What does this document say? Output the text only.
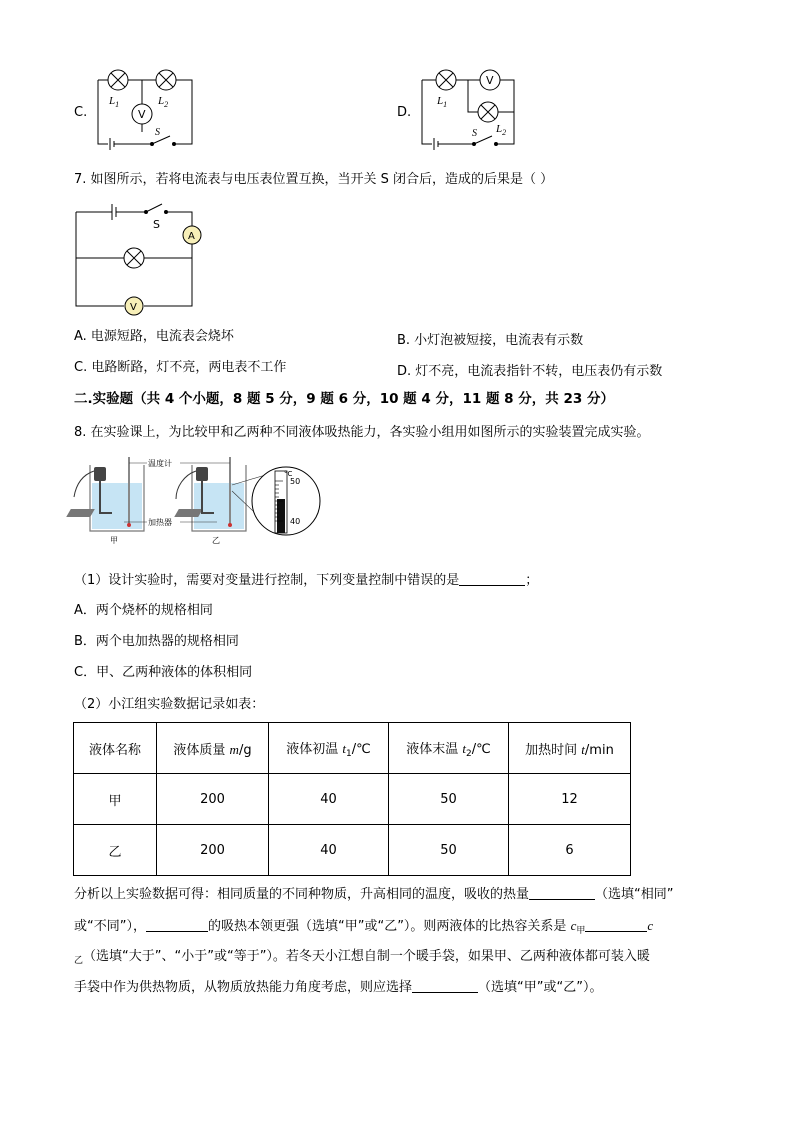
C.
$L_1$	$L_2$
V
S
D.
$L_1$
$L_2$
V
S
7. 如图所示，若将电流表与电压表位置互换，当开关 S 闭合后，造成的后果是（ ）
A
V
S
A. 电源短路，电流表会烧坏	B. 小灯泡被短接，电流表有示数
C. 电路断路，灯不亮，两电表不工作	D. 灯不亮，电流表指针不转，电压表仍有示数
二.实验题（共 4 个小题，8 题 5 分，9 题 6 分，10 题 4 分，11 题 8 分，共 23 分）
8. 在实验课上，为比较甲和乙两种不同液体吸热能力，各实验小组用如图所示的实验装置完成实验。
温度计
加热器
甲	乙
°C
50
40
（1）设计实验时，需要对变量进行控制，下列变量控制中错误的是	；
A．两个烧杯的规格相同
B．两个电加热器的规格相同
C．甲、乙两种液体的体积相同
（2）小江组实验数据记录如表：
液体名称	液体质量 m/g	液体初温 $t_1/℃$	液体末温 $t_2/℃$	加热时间 t/min
甲	200	40	50	12
乙	200	40	50	6
分析以上实验数据可得：相同质量的不同种物质，升高相同的温度，吸收的热量	（选填“相同”
或“不同”），	的吸热本领更强（选填“甲”或“乙”）。则两液体的比热容关系是 $c_甲$	c
$_乙$（选填“大于”、“小于”或“等于”）。若冬天小江想自制一个暖手袋，如果甲、乙两种液体都可装入暖
手袋中作为供热物质，从物质放热能力角度考虑，则应选择	（选填“甲”或“乙”）。
